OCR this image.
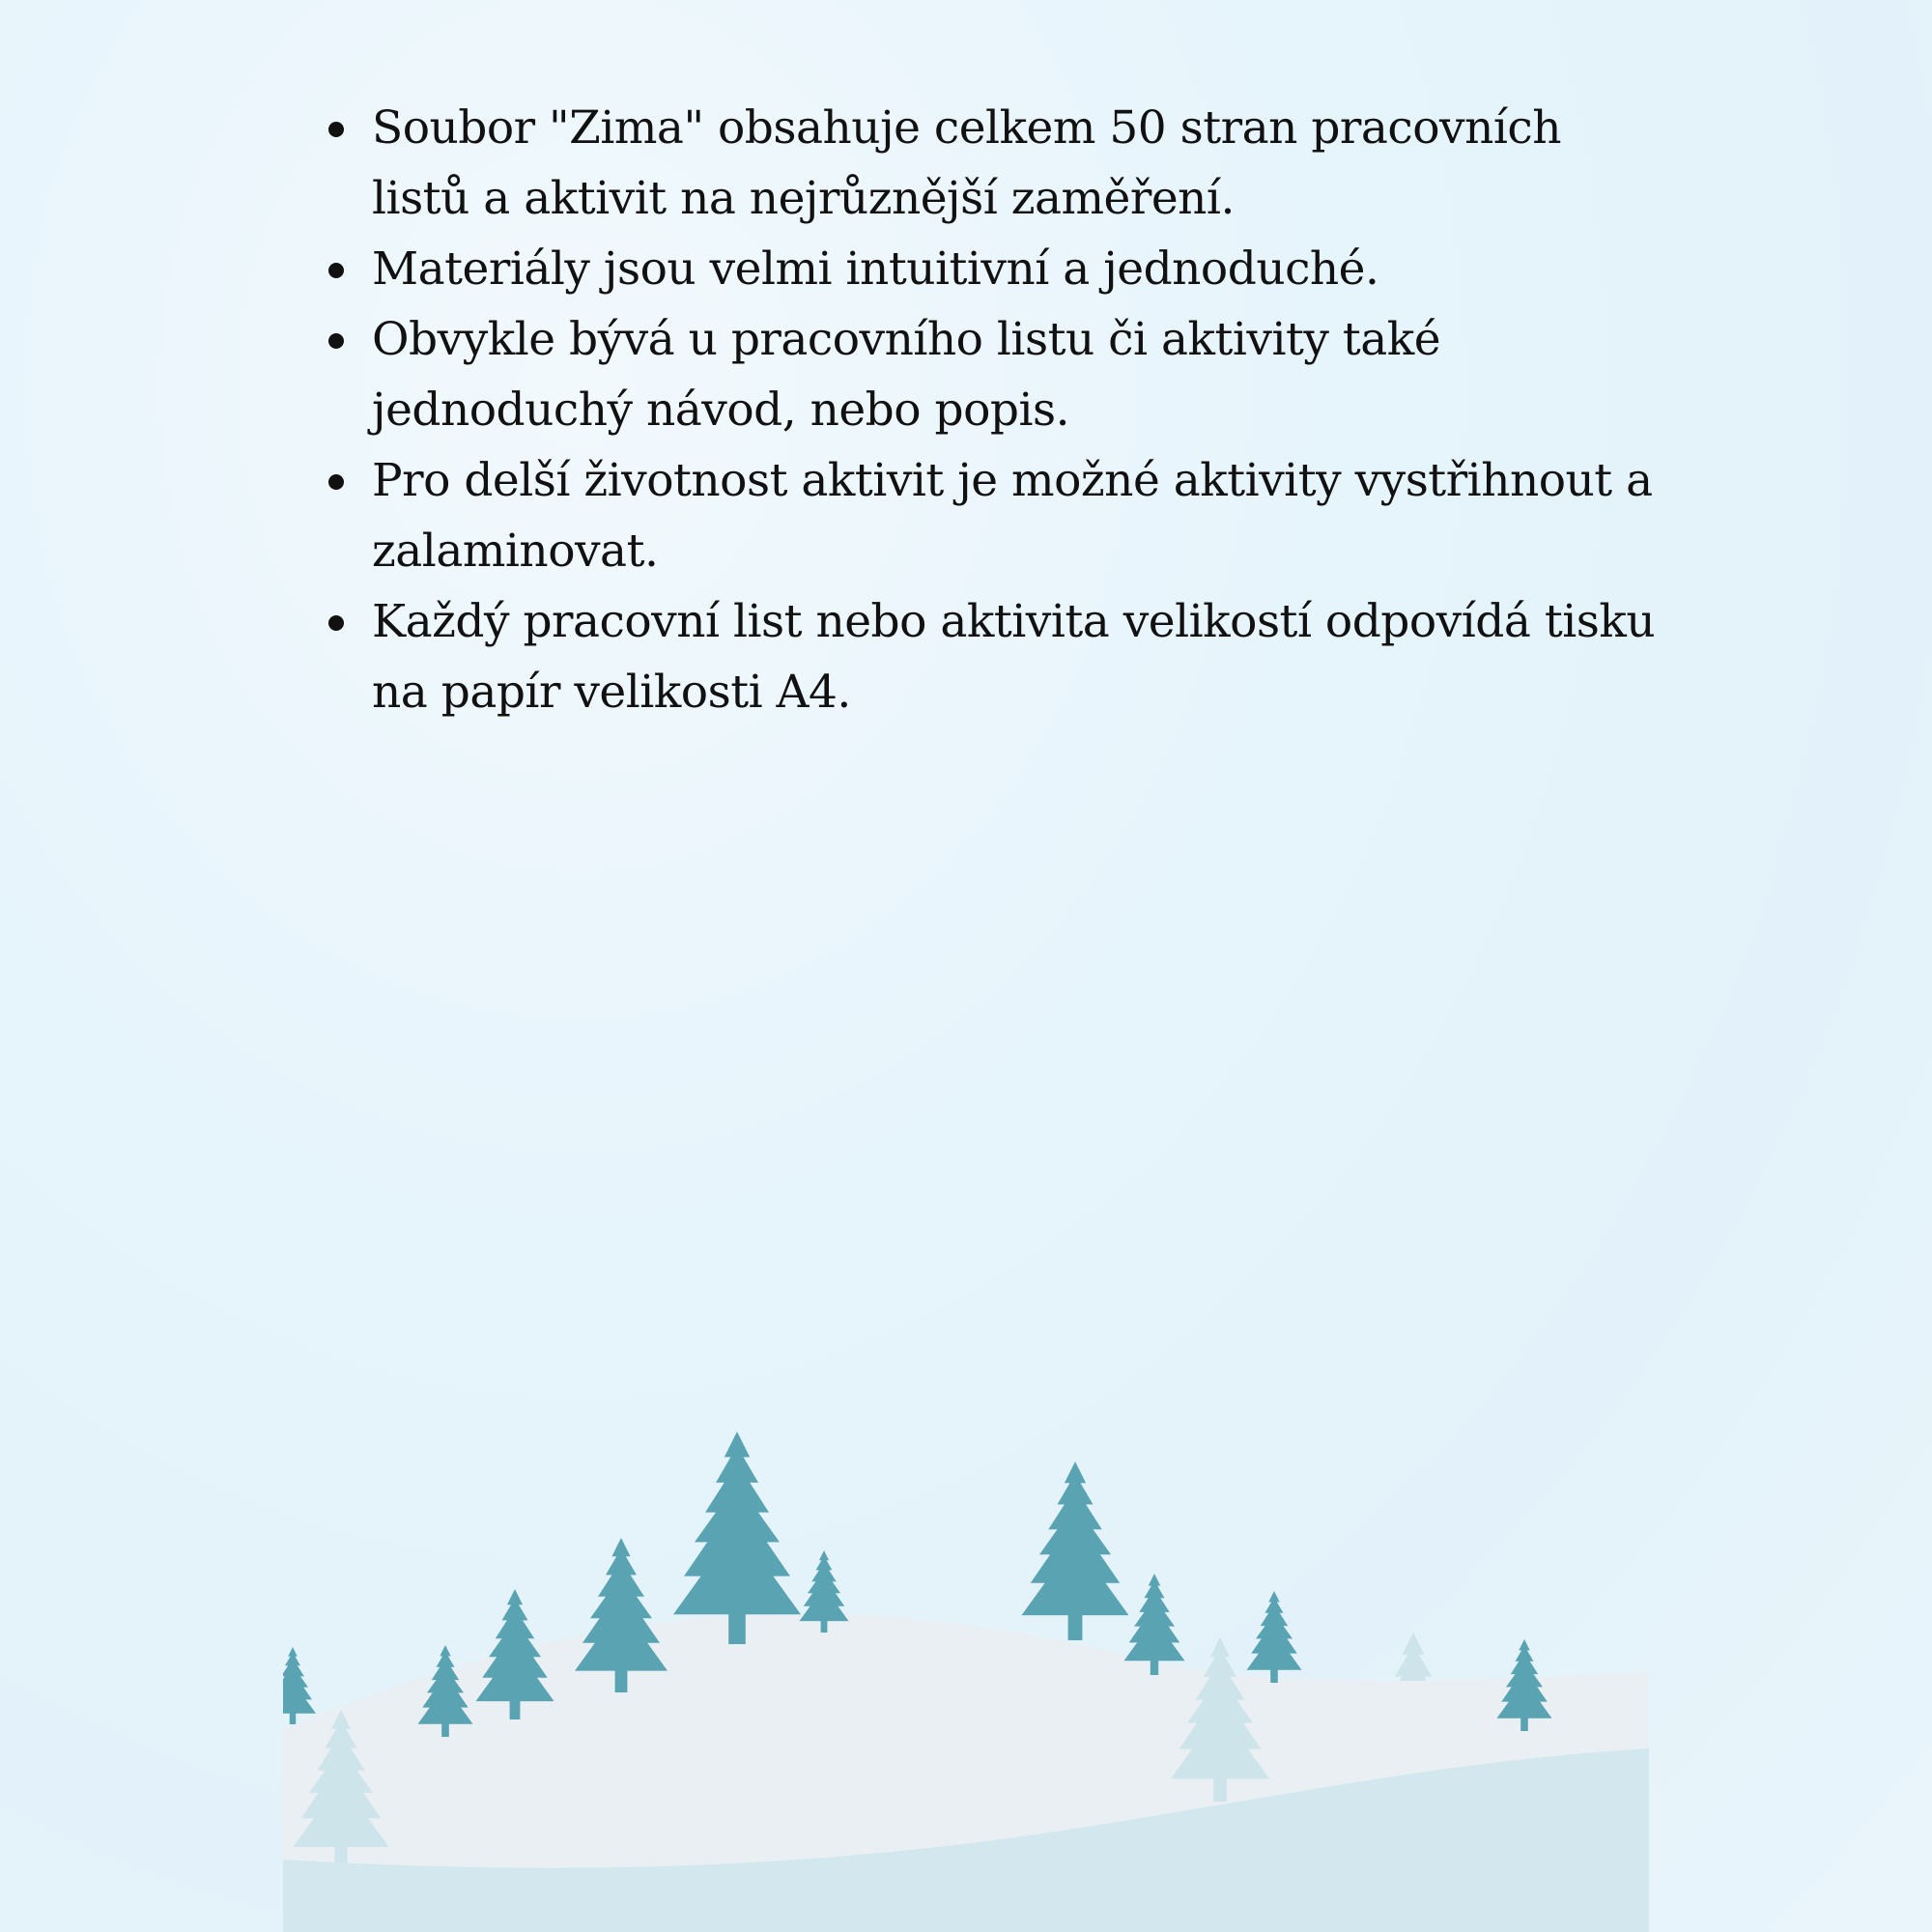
Soubor "Zima" obsahuje celkem 50 stran pracovních listů a aktivit na nejrůznější zaměření.
Materiály jsou velmi intuitivní a jednoduché.
Obvykle bývá u pracovního listu či aktivity také jednoduchý návod, nebo popis.
Pro delší životnost aktivit je možné aktivity vystřihnout a zalaminovat.
Každý pracovní list nebo aktivita velikostí odpovídá tisku na papír velikosti A4.
